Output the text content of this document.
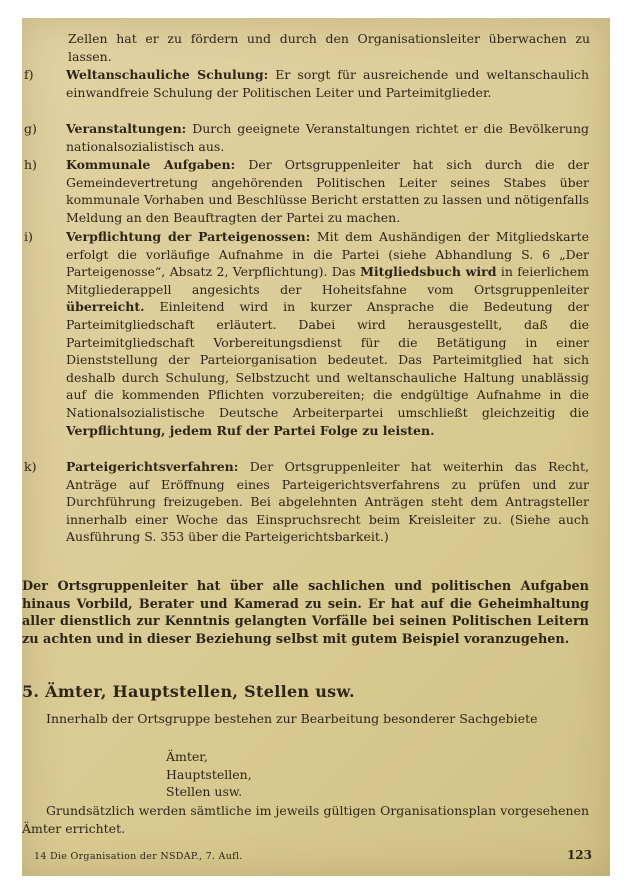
Zellen hat er zu fördern und durch den Organisationsleiter überwachen zu lassen.
f)	Weltanschauliche Schulung: Er sorgt für ausreichende und weltanschaulich einwandfreie Schulung der Politischen Leiter und Parteimitglieder.
g) Veranstaltungen: Durch geeignete Veranstaltungen richtet er die Bevölkerung nationalsozialistisch aus.
h) Kommunale Aufgaben: Der Ortsgruppenleiter hat sich durch die der Gemeindevertretung angehörenden Politischen Leiter seines Stabes über kommunale Vorhaben und Beschlüsse Bericht erstatten zu lassen und nötigenfalls Meldung an den Beauftragten der Partei zu machen.
i)	Verpflichtung der Parteigenossen: Mit dem Aushändigen der Mitgliedskarte erfolgt die vorläufige Aufnahme in die Partei (siehe Abhandlung S. 6 „Der Parteigenosse“, Absatz 2, Verpflichtung). Das Mitgliedsbuch wird in feierlichem Mitgliederappell angesichts der Hoheitsfahne vom Ortsgruppenleiter überreicht. Einleitend wird in kurzer Ansprache die Bedeutung der Parteimitgliedschaft erläutert. Dabei wird herausgestellt, daß die Parteimitgliedschaft Vorbereitungsdienst für die Betätigung in einer Dienststellung der Parteiorganisation bedeutet. Das Parteimitglied hat sich deshalb durch Schulung, Selbstzucht und weltanschauliche Haltung unablässig auf die kommenden Pflichten vorzubereiten; die endgültige Aufnahme in die Nationalsozialistische Deutsche Arbeiterpartei umschließt gleichzeitig die Verpflichtung, jedem Ruf der Partei Folge zu leisten.
k) Parteigerichtsverfahren: Der Ortsgruppenleiter hat weiterhin das Recht, Anträge auf Eröffnung eines Parteigerichtsverfahrens zu prüfen und zur Durchführung freizugeben. Bei abgelehnten Anträgen steht dem Antragsteller innerhalb einer Woche das Einspruchsrecht beim Kreisleiter zu. (Siehe auch Ausführung S. 353 über die Parteigerichtsbarkeit.)
Der Ortsgruppenleiter hat über alle sachlichen und politischen Aufgaben hinaus Vorbild, Berater und Kamerad zu sein. Er hat auf die Geheimhaltung aller dienstlich zur Kenntnis gelangten Vorfälle bei seinen Politischen Leitern zu achten und in dieser Beziehung selbst mit gutem Beispiel voranzugehen.
5. Ämter, Hauptstellen, Stellen usw.
Innerhalb der Ortsgruppe bestehen zur Bearbeitung besonderer Sachgebiete
Ämter,
Hauptstellen,
Stellen usw.
Grundsätzlich werden sämtliche im jeweils gültigen Organisationsplan vorgesehenen Ämter errichtet.
14 Die Organisation der NSDAP., 7. Aufl.	123
